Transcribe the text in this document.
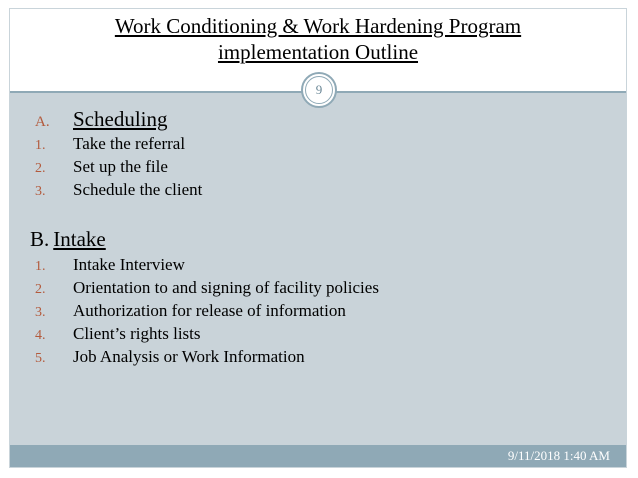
Work Conditioning & Work Hardening Program
implementation Outline
9
A. Scheduling
1. Take the referral
2. Set up the file
3. Schedule the client
B. Intake
1. Intake Interview
2. Orientation to and signing of facility policies
3. Authorization for release of information
4. Client’s rights lists
5. Job Analysis or Work Information
9/11/2018 1:40 AM
